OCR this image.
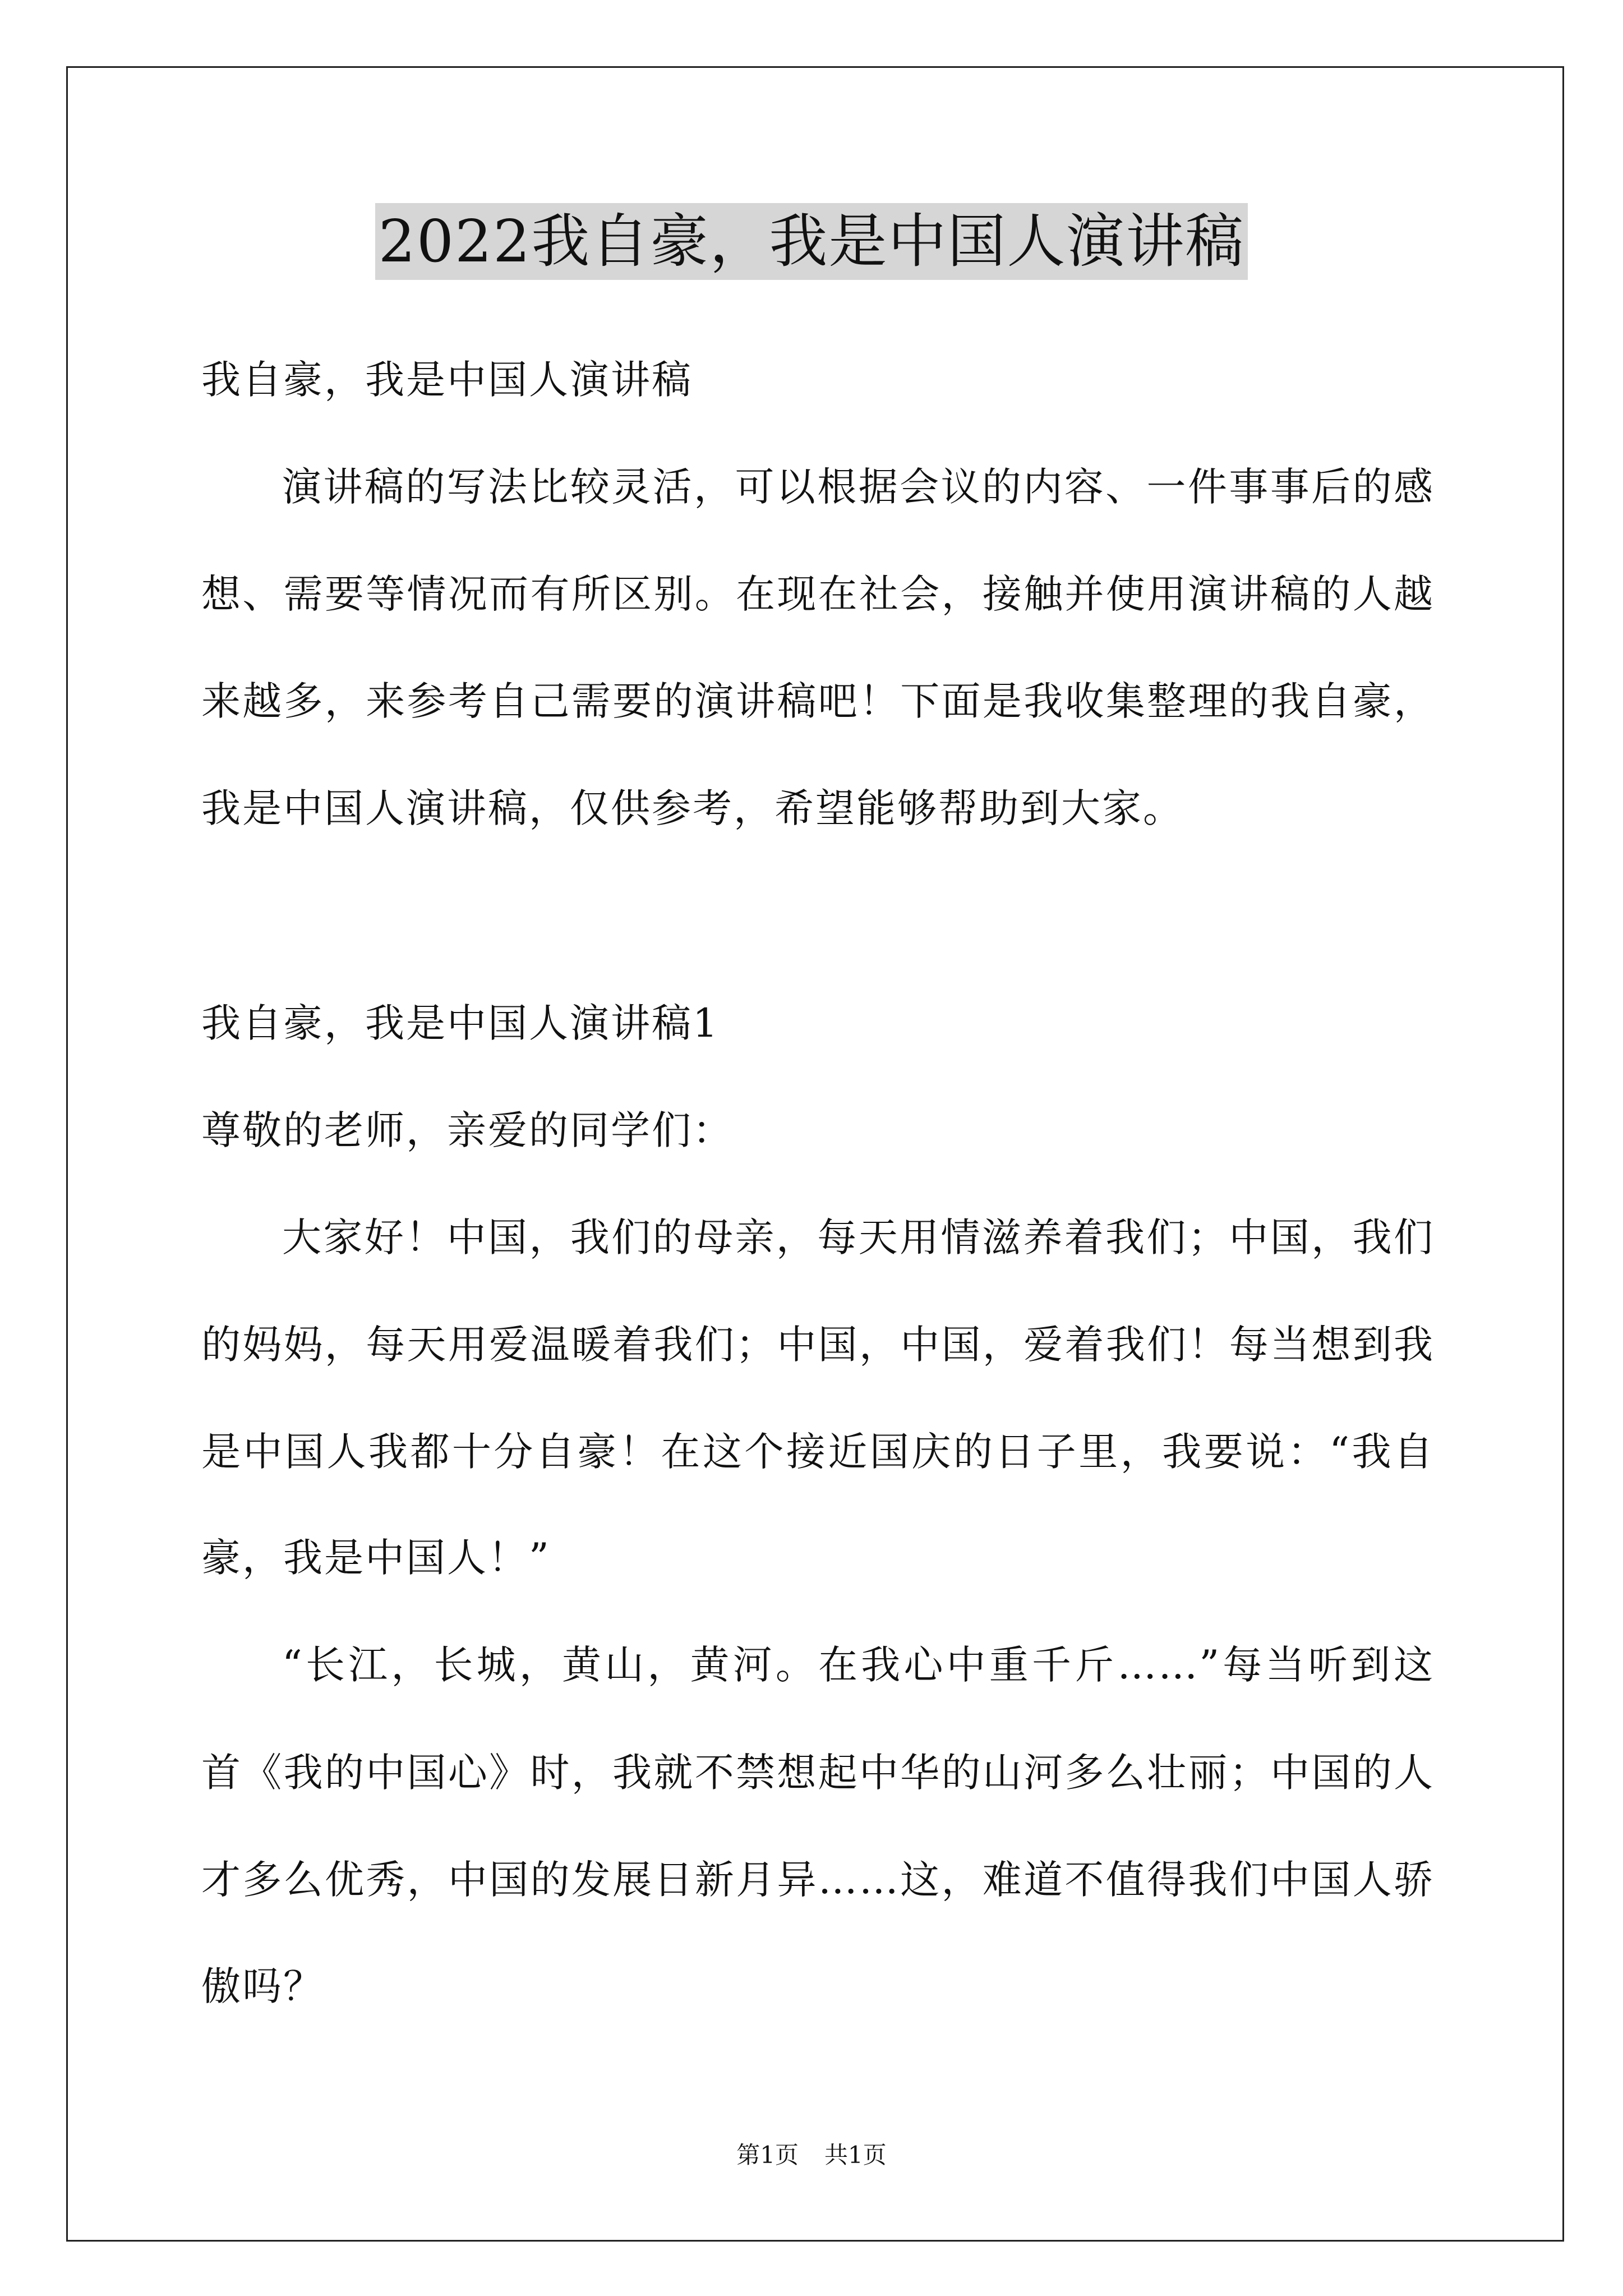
2022我自豪，我是中国人演讲稿
我自豪，我是中国人演讲稿
演讲稿的写法比较灵活，可以根据会议的内容、一件事事后的感
想、需要等情况而有所区别。在现在社会，接触并使用演讲稿的人越
来越多，来参考自己需要的演讲稿吧！下面是我收集整理的我自豪，
我是中国人演讲稿，仅供参考，希望能够帮助到大家。
我自豪，我是中国人演讲稿1
尊敬的老师，亲爱的同学们：
大家好！中国，我们的母亲，每天用情滋养着我们；中国，我们
的妈妈，每天用爱温暖着我们；中国，中国，爱着我们！每当想到我
是中国人我都十分自豪！在这个接近国庆的日子里，我要说：“我自
豪，我是中国人！”
“长江，长城，黄山，黄河。在我心中重千斤……”每当听到这
首《我的中国心》时，我就不禁想起中华的山河多么壮丽；中国的人
才多么优秀，中国的发展日新月异……这，难道不值得我们中国人骄
傲吗？
第1页 共1页
